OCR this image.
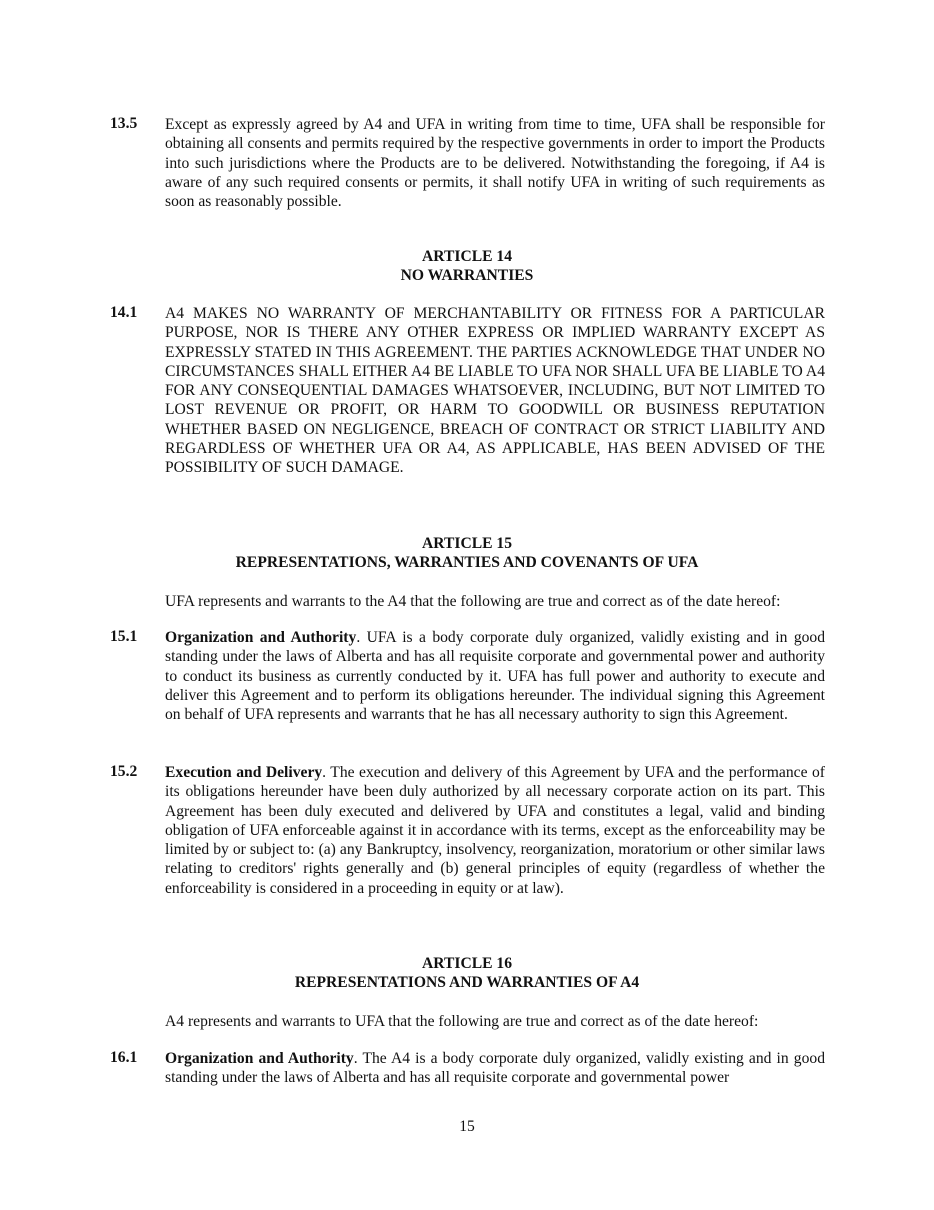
13.5 Except as expressly agreed by A4 and UFA in writing from time to time, UFA shall be responsible for obtaining all consents and permits required by the respective governments in order to import the Products into such jurisdictions where the Products are to be delivered. Notwithstanding the foregoing, if A4 is aware of any such required consents or permits, it shall notify UFA in writing of such requirements as soon as reasonably possible.
ARTICLE 14
NO WARRANTIES
14.1 A4 MAKES NO WARRANTY OF MERCHANTABILITY OR FITNESS FOR A PARTICULAR PURPOSE, NOR IS THERE ANY OTHER EXPRESS OR IMPLIED WARRANTY EXCEPT AS EXPRESSLY STATED IN THIS AGREEMENT. THE PARTIES ACKNOWLEDGE THAT UNDER NO CIRCUMSTANCES SHALL EITHER A4 BE LIABLE TO UFA NOR SHALL UFA BE LIABLE TO A4 FOR ANY CONSEQUENTIAL DAMAGES WHATSOEVER, INCLUDING, BUT NOT LIMITED TO LOST REVENUE OR PROFIT, OR HARM TO GOODWILL OR BUSINESS REPUTATION WHETHER BASED ON NEGLIGENCE, BREACH OF CONTRACT OR STRICT LIABILITY AND REGARDLESS OF WHETHER UFA OR A4, AS APPLICABLE, HAS BEEN ADVISED OF THE POSSIBILITY OF SUCH DAMAGE.
ARTICLE 15
REPRESENTATIONS, WARRANTIES AND COVENANTS OF UFA
UFA represents and warrants to the A4 that the following are true and correct as of the date hereof:
15.1 Organization and Authority. UFA is a body corporate duly organized, validly existing and in good standing under the laws of Alberta and has all requisite corporate and governmental power and authority to conduct its business as currently conducted by it. UFA has full power and authority to execute and deliver this Agreement and to perform its obligations hereunder. The individual signing this Agreement on behalf of UFA represents and warrants that he has all necessary authority to sign this Agreement.
15.2 Execution and Delivery. The execution and delivery of this Agreement by UFA and the performance of its obligations hereunder have been duly authorized by all necessary corporate action on its part. This Agreement has been duly executed and delivered by UFA and constitutes a legal, valid and binding obligation of UFA enforceable against it in accordance with its terms, except as the enforceability may be limited by or subject to: (a) any Bankruptcy, insolvency, reorganization, moratorium or other similar laws relating to creditors' rights generally and (b) general principles of equity (regardless of whether the enforceability is considered in a proceeding in equity or at law).
ARTICLE 16
REPRESENTATIONS AND WARRANTIES OF A4
A4 represents and warrants to UFA that the following are true and correct as of the date hereof:
16.1 Organization and Authority. The A4 is a body corporate duly organized, validly existing and in good standing under the laws of Alberta and has all requisite corporate and governmental power
15
